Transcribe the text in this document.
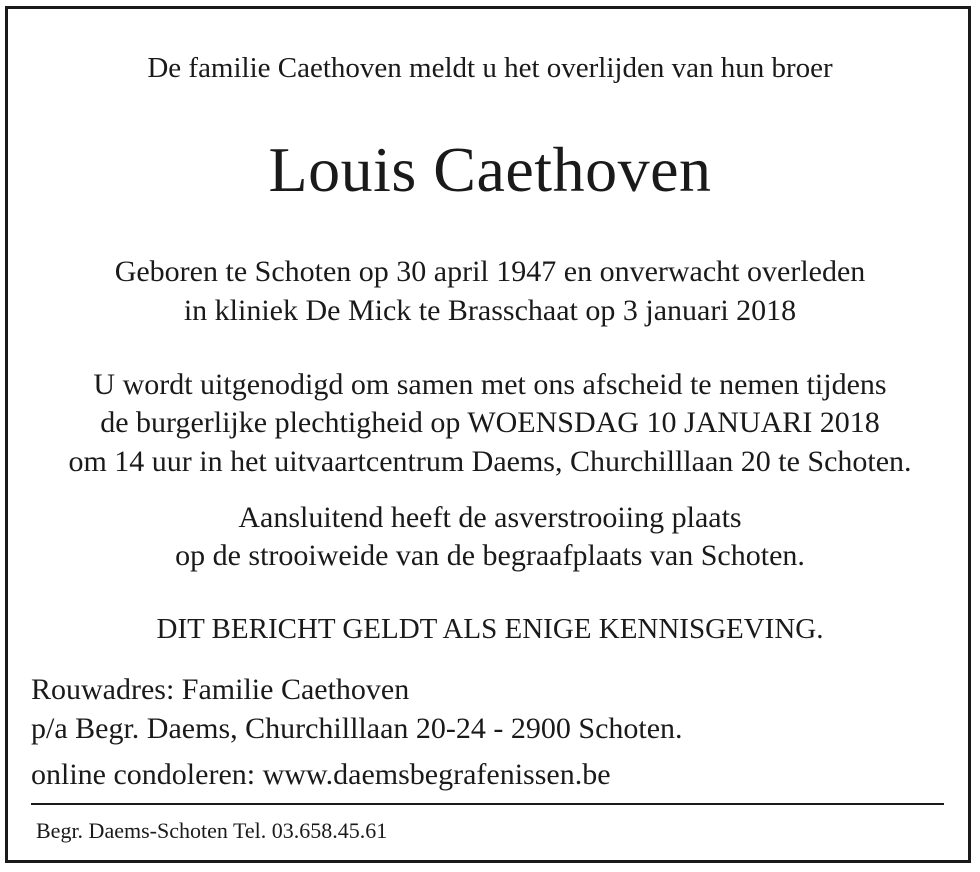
De familie Caethoven meldt u het overlijden van hun broer
Louis Caethoven
Geboren te Schoten op 30 april 1947 en onverwacht overleden
in kliniek De Mick te Brasschaat op 3 januari 2018
U wordt uitgenodigd om samen met ons afscheid te nemen tijdens
de burgerlijke plechtigheid op WOENSDAG 10 JANUARI 2018
om 14 uur in het uitvaartcentrum Daems, Churchilllaan 20 te Schoten.
Aansluitend heeft de asverstrooiing plaats
op de strooiweide van de begraafplaats van Schoten.
DIT BERICHT GELDT ALS ENIGE KENNISGEVING.
Rouwadres: Familie Caethoven
p/a Begr. Daems, Churchilllaan 20-24 - 2900 Schoten.
online condoleren: www.daemsbegrafenissen.be
Begr. Daems-Schoten Tel. 03.658.45.61
